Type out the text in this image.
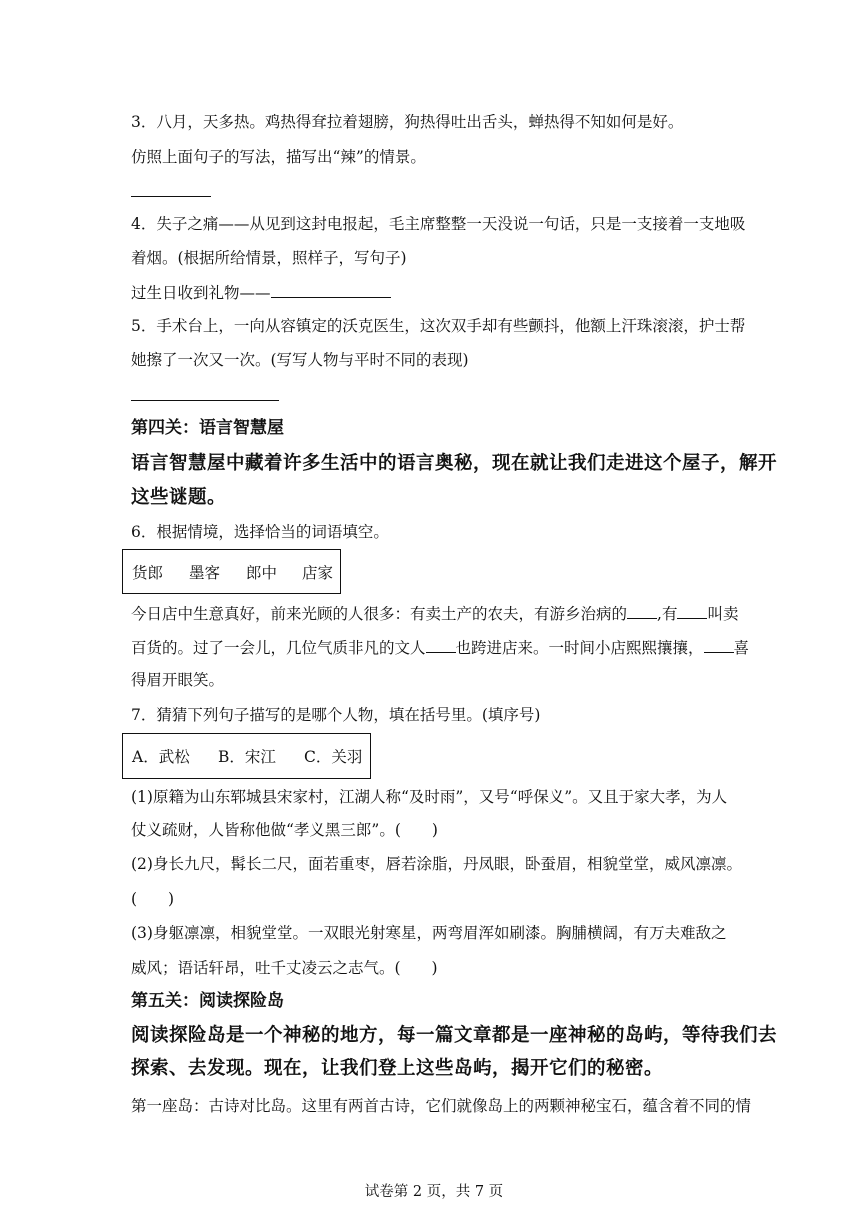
3．八月，天多热。鸡热得耷拉着翅膀，狗热得吐出舌头，蝉热得不知如何是好。
仿照上面句子的写法，描写出“辣”的情景。
4．失子之痛——从见到这封电报起，毛主席整整一天没说一句话，只是一支接着一支地吸
着烟。(根据所给情景，照样子，写句子)
过生日收到礼物——
5．手术台上，一向从容镇定的沃克医生，这次双手却有些颤抖，他额上汗珠滚滚，护士帮
她擦了一次又一次。(写写人物与平时不同的表现)
第四关：语言智慧屋
语言智慧屋中藏着许多生活中的语言奥秘，现在就让我们走进这个屋子，解开
这些谜题。
6．根据情境，选择恰当的词语填空。
货郎 墨客 郎中 店家
今日店中生意真好，前来光顾的人很多：有卖土产的农夫，有游乡治病的 ,有 叫卖
百货的。过了一会儿，几位气质非凡的文人 也跨进店来。一时间小店熙熙攘攘， 喜
得眉开眼笑。
7．猜猜下列句子描写的是哪个人物，填在括号里。(填序号)
A．武松 B．宋江 C．关羽
(1)原籍为山东郓城县宋家村，江湖人称“及时雨”，又号“呼保义”。又且于家大孝，为人
仗义疏财，人皆称他做“孝义黑三郎”。(　　)
(2)身长九尺，髯长二尺，面若重枣，唇若涂脂，丹凤眼，卧蚕眉，相貌堂堂，威风凛凛。
(　　)
(3)身躯凛凛，相貌堂堂。一双眼光射寒星，两弯眉浑如刷漆。胸脯横阔，有万夫难敌之
威风；语话轩昂，吐千丈凌云之志气。(　　)
第五关：阅读探险岛
阅读探险岛是一个神秘的地方，每一篇文章都是一座神秘的岛屿，等待我们去
探索、去发现。现在，让我们登上这些岛屿，揭开它们的秘密。
第一座岛：古诗对比岛。这里有两首古诗，它们就像岛上的两颗神秘宝石，蕴含着不同的情
试卷第 2 页，共 7 页
